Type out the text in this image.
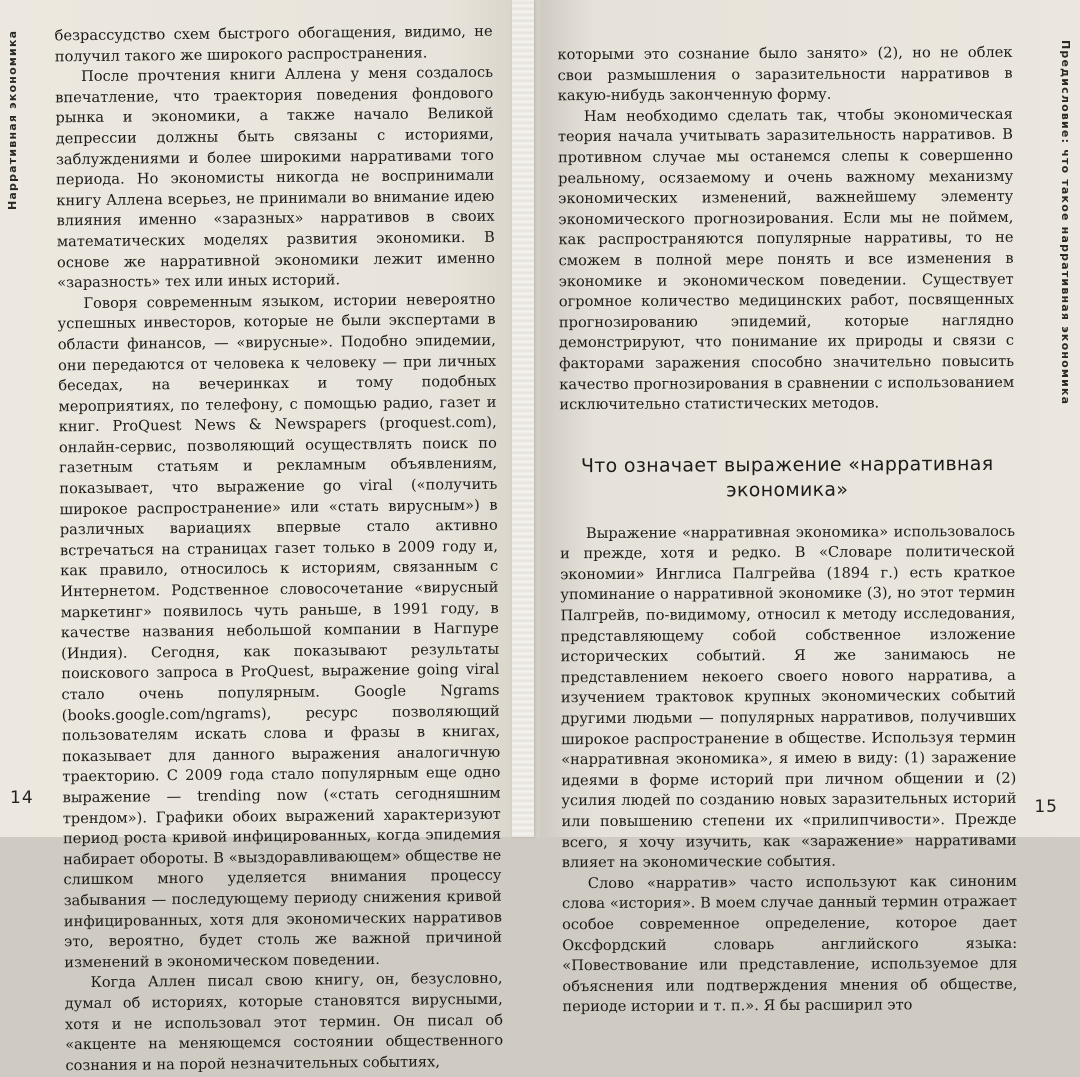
Нарративная экономика безрассудство схем быстрого обогащения, видимо, не получил такого же широкого распространения.

После прочтения книги Аллена у меня создалось впечатление, что траектория поведения фондового рынка и экономики, а также начало Великой депрессии должны быть связаны с историями, заблуждениями и более широкими нарративами того периода. Но экономисты никогда не воспринимали книгу Аллена всерьез, не принимали во внимание идею влияния именно «заразных» нарративов в своих математических моделях развития экономики. В основе же нарративной экономики лежит именно «заразность» тех или иных историй.

Говоря современным языком, истории невероятно успешных инвесторов, которые не были экспертами в области финансов, — «вирусные». Подобно эпидемии, они передаются от человека к человеку — при личных беседах, на вечеринках и тому подобных мероприятиях, по телефону, с помощью радио, газет и книг. ProQuest News & Newspapers (proquest.com), онлайн-сервис, позволяющий осуществлять поиск по газетным статьям и рекламным объявлениям, показывает, что выражение go viral («получить широкое распространение» или «стать вирусным») в различных вариациях впервые стало активно встречаться на страницах газет только в 2009 году и, как правило, относилось к историям, связанным с Интернетом. Родственное словосочетание «вирусный маркетинг» появилось чуть раньше, в 1991 году, в качестве названия небольшой компании в Нагпуре (Индия). Сегодня, как показывают результаты поискового запроса в ProQuest, выражение going viral стало очень популярным. Google Ngrams (books.google.com/ngrams), ресурс позволяющий пользователям искать слова и фразы в книгах, показывает для данного выражения аналогичную траекторию. С 2009 года стало популярным еще одно выражение — trending now («стать сегодняшним трендом»). Графики обоих выражений характеризуют период роста кривой инфицированных, когда эпидемия набирает обороты. В «выздоравливающем» обществе не слишком много уделяется внимания процессу забывания — последующему периоду снижения кривой инфицированных, хотя для экономических нарративов это, вероятно, будет столь же важной причиной изменений в экономическом поведении.

Когда Аллен писал свою книгу, он, безусловно, думал об историях, которые становятся вирусными, хотя и не использовал этот термин. Он писал об «акценте на меняющемся состоянии общественного сознания и на порой незначительных событиях,

14

которыми это сознание было занято» (2), но не облек свои размышления о заразительности нарративов в какую-нибудь законченную форму.

Нам необходимо сделать так, чтобы экономическая теория начала учитывать заразительность нарративов. В противном случае мы останемся слепы к совершенно реальному, осязаемому и очень важному механизму экономических изменений, важнейшему элементу экономического прогнозирования. Если мы не поймем, как распространяются популярные нарративы, то не сможем в полной мере понять и все изменения в экономике и экономическом поведении. Существует огромное количество медицинских работ, посвященных прогнозированию эпидемий, которые наглядно демонстрируют, что понимание их природы и связи с факторами заражения способно значительно повысить качество прогнозирования в сравнении с использованием исключительно статистических методов.

Что означает выражение «нарративная
экономика»

Выражение «нарративная экономика» использовалось и прежде, хотя и редко. В «Словаре политической экономии» Инглиса Палгрейва (1894 г.) есть краткое упоминание о нарративной экономике (3), но этот термин Палгрейв, по-видимому, относил к методу исследования, представляющему собой собственное изложение исторических событий. Я же занимаюсь не представлением некоего своего нового нарратива, а изучением трактовок крупных экономических событий другими людьми — популярных нарративов, получивших широкое распространение в обществе. Используя термин «нарративная экономика», я имею в виду: (1) заражение идеями в форме историй при личном общении и (2) усилия людей по созданию новых заразительных историй или повышению степени их «прилипчивости». Прежде всего, я хочу изучить, как «заражение» нарративами влияет на экономические события.

Слово «нарратив» часто используют как синоним слова «история». В моем случае данный термин отражает особое современное определение, которое дает Оксфордский словарь английского языка: «Повествование или представление, используемое для объяснения или подтверждения мнения об обществе, периоде истории и т. п.». Я бы расширил это

Предисловие: что такое нарративная экономика
15
